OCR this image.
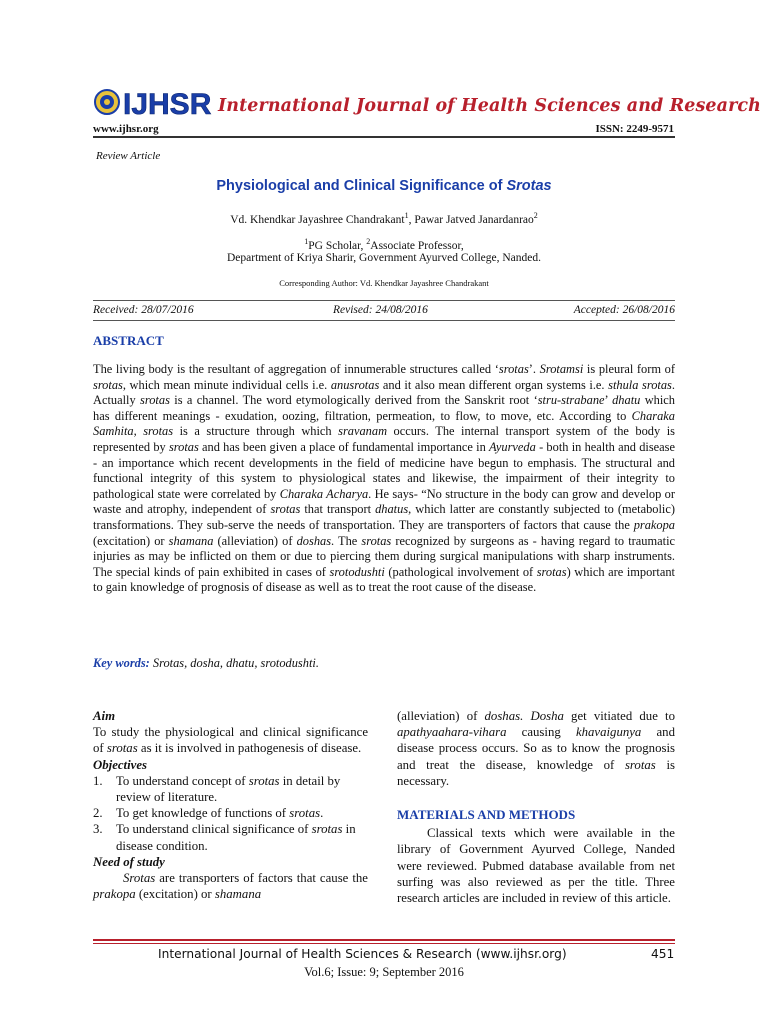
IJHSR International Journal of Health Sciences and Research
www.ijhsr.org	ISSN: 2249-9571
Review Article
Physiological and Clinical Significance of Srotas
Vd. Khendkar Jayashree Chandrakant$^1$, Pawar Jatved Janardanrao$^2$
$^1$PG Scholar, $^2$Associate Professor,
Department of Kriya Sharir, Government Ayurved College, Nanded.
Corresponding Author: Vd. Khendkar Jayashree Chandrakant
Received: 28/07/2016	Revised: 24/08/2016	Accepted: 26/08/2016
ABSTRACT
The living body is the resultant of aggregation of innumerable structures called ‘srotas’. Srotamsi is pleural form of srotas, which mean minute individual cells i.e. anusrotas and it also mean different organ systems i.e. sthula srotas. Actually srotas is a channel. The word etymologically derived from the Sanskrit root ‘stru-strabane’ dhatu which has different meanings - exudation, oozing, filtration, permeation, to flow, to move, etc. According to Charaka Samhita, srotas is a structure through which sravanam occurs. The internal transport system of the body is represented by srotas and has been given a place of fundamental importance in Ayurveda - both in health and disease - an importance which recent developments in the field of medicine have begun to emphasis. The structural and functional integrity of this system to physiological states and likewise, the impairment of their integrity to pathological state were correlated by Charaka Acharya. He says- “No structure in the body can grow and develop or waste and atrophy, independent of srotas that transport dhatus, which latter are constantly subjected to (metabolic) transformations. They sub-serve the needs of transportation. They are transporters of factors that cause the prakopa (excitation) or shamana (alleviation) of doshas. The srotas recognized by surgeons as - having regard to traumatic injuries as may be inflicted on them or due to piercing them during surgical manipulations with sharp instruments. The special kinds of pain exhibited in cases of srotodushti (pathological involvement of srotas) which are important to gain knowledge of prognosis of disease as well as to treat the root cause of the disease.
Key words: Srotas, dosha, dhatu, srotodushti.
Aim
To study the physiological and clinical significance of srotas as it is involved in pathogenesis of disease.
Objectives
1. To understand concept of srotas in detail by review of literature.
2. To get knowledge of functions of srotas.
3. To understand clinical significance of srotas in disease condition.
Need of study
Srotas are transporters of factors that cause the prakopa (excitation) or shamana
(alleviation) of doshas. Dosha get vitiated due to apathyaahara-vihara causing khavaigunya and disease process occurs. So as to know the prognosis and treat the disease, knowledge of srotas is necessary.
MATERIALS AND METHODS
Classical texts which were available in the library of Government Ayurved College, Nanded were reviewed. Pubmed database available from net surfing was also reviewed as per the title. Three research articles are included in review of this article.
International Journal of Health Sciences & Research (www.ijhsr.org)	451
Vol.6; Issue: 9; September 2016
